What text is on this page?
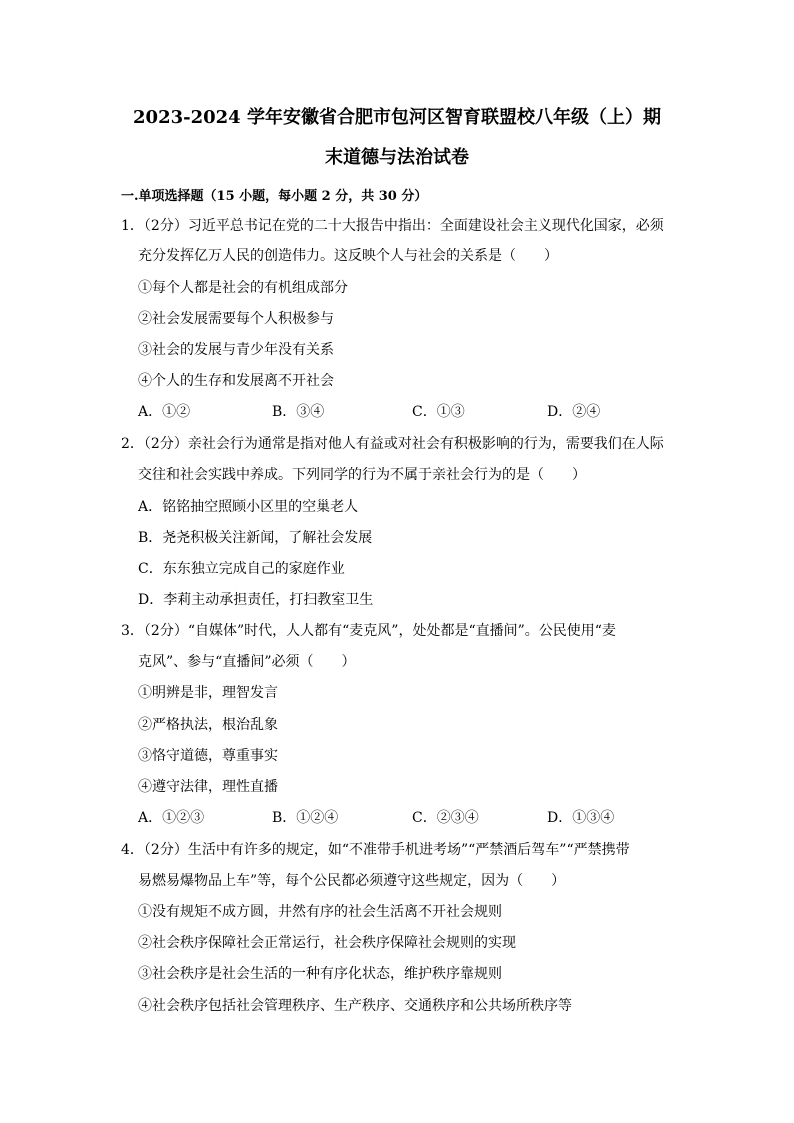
2023-2024 学年安徽省合肥市包河区智育联盟校八年级（上）期
末道德与法治试卷
一.单项选择题（15 小题，每小题 2 分，共 30 分）
1．（2分）习近平总书记在党的二十大报告中指出：全面建设社会主义现代化国家，必须
充分发挥亿万人民的创造伟力。这反映个人与社会的关系是（　　）
①每个人都是社会的有机组成部分
②社会发展需要每个人积极参与
③社会的发展与青少年没有关系
④个人的生存和发展离不开社会
A．①②	B．③④	C．①③	D．②④
2．（2分）亲社会行为通常是指对他人有益或对社会有积极影响的行为，需要我们在人际
交往和社会实践中养成。下列同学的行为不属于亲社会行为的是（　　）
A．铭铭抽空照顾小区里的空巢老人
B．尧尧积极关注新闻，了解社会发展
C．东东独立完成自己的家庭作业
D．李莉主动承担责任，打扫教室卫生
3．（2分）“自媒体”时代，人人都有“麦克风”，处处都是“直播间”。公民使用“麦
克风”、参与“直播间”必须（　　）
①明辨是非，理智发言
②严格执法，根治乱象
③恪守道德，尊重事实
④遵守法律，理性直播
A．①②③	B．①②④	C．②③④	D．①③④
4．（2分）生活中有许多的规定，如“不准带手机进考场”“严禁酒后驾车”“严禁携带
易燃易爆物品上车”等，每个公民都必须遵守这些规定，因为（　　）
①没有规矩不成方圆，井然有序的社会生活离不开社会规则
②社会秩序保障社会正常运行，社会秩序保障社会规则的实现
③社会秩序是社会生活的一种有序化状态，维护秩序靠规则
④社会秩序包括社会管理秩序、生产秩序、交通秩序和公共场所秩序等
